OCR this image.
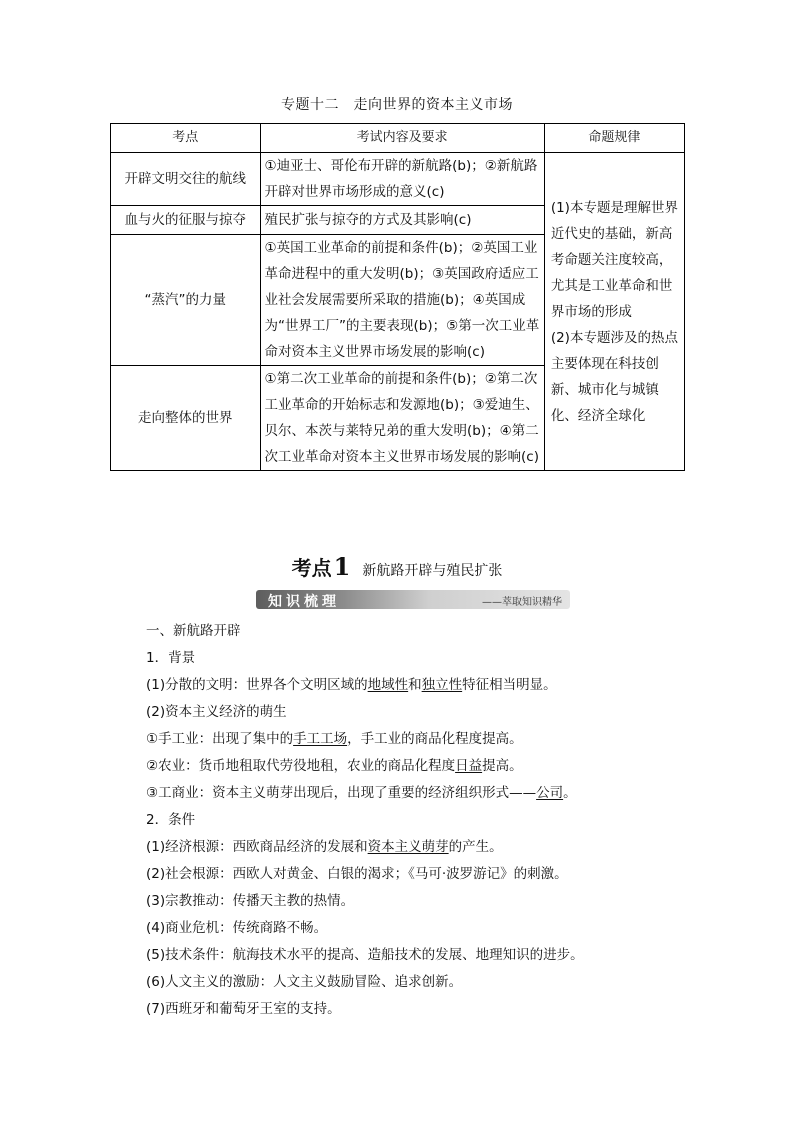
专题十二　走向世界的资本主义市场
考点	考试内容及要求	命题规律
开辟文明交往的航线	①迪亚士、哥伦布开辟的新航路(b)；②新航路开辟对世界市场形成的意义(c)	(1)本专题是理解世界近代史的基础，新高考命题关注度较高，尤其是工业革命和世界市场的形成
(2)本专题涉及的热点主要体现在科技创新、城市化与城镇化、经济全球化
血与火的征服与掠夺	殖民扩张与掠夺的方式及其影响(c)	
“蒸汽”的力量	①英国工业革命的前提和条件(b)；②英国工业革命进程中的重大发明(b)；③英国政府适应工业社会发展需要所采取的措施(b)；④英国成为“世界工厂”的主要表现(b)；⑤第一次工业革命对资本主义世界市场发展的影响(c)	
走向整体的世界	①第二次工业革命的前提和条件(b)；②第二次工业革命的开始标志和发源地(b)；③爱迪生、贝尔、本茨与莱特兄弟的重大发明(b)；④第二次工业革命对资本主义世界市场发展的影响(c)	
考点1 新航路开辟与殖民扩张
知识梳理	——萃取知识精华
一、新航路开辟
1．背景
(1)分散的文明：世界各个文明区域的地域性和独立性特征相当明显。
(2)资本主义经济的萌生
①手工业：出现了集中的手工工场，手工业的商品化程度提高。
②农业：货币地租取代劳役地租，农业的商品化程度日益提高。
③工商业：资本主义萌芽出现后，出现了重要的经济组织形式——公司。
2．条件
(1)经济根源：西欧商品经济的发展和资本主义萌芽的产生。
(2)社会根源：西欧人对黄金、白银的渴求；《马可·波罗游记》的刺激。
(3)宗教推动：传播天主教的热情。
(4)商业危机：传统商路不畅。
(5)技术条件：航海技术水平的提高、造船技术的发展、地理知识的进步。
(6)人文主义的激励：人文主义鼓励冒险、追求创新。
(7)西班牙和葡萄牙王室的支持。
